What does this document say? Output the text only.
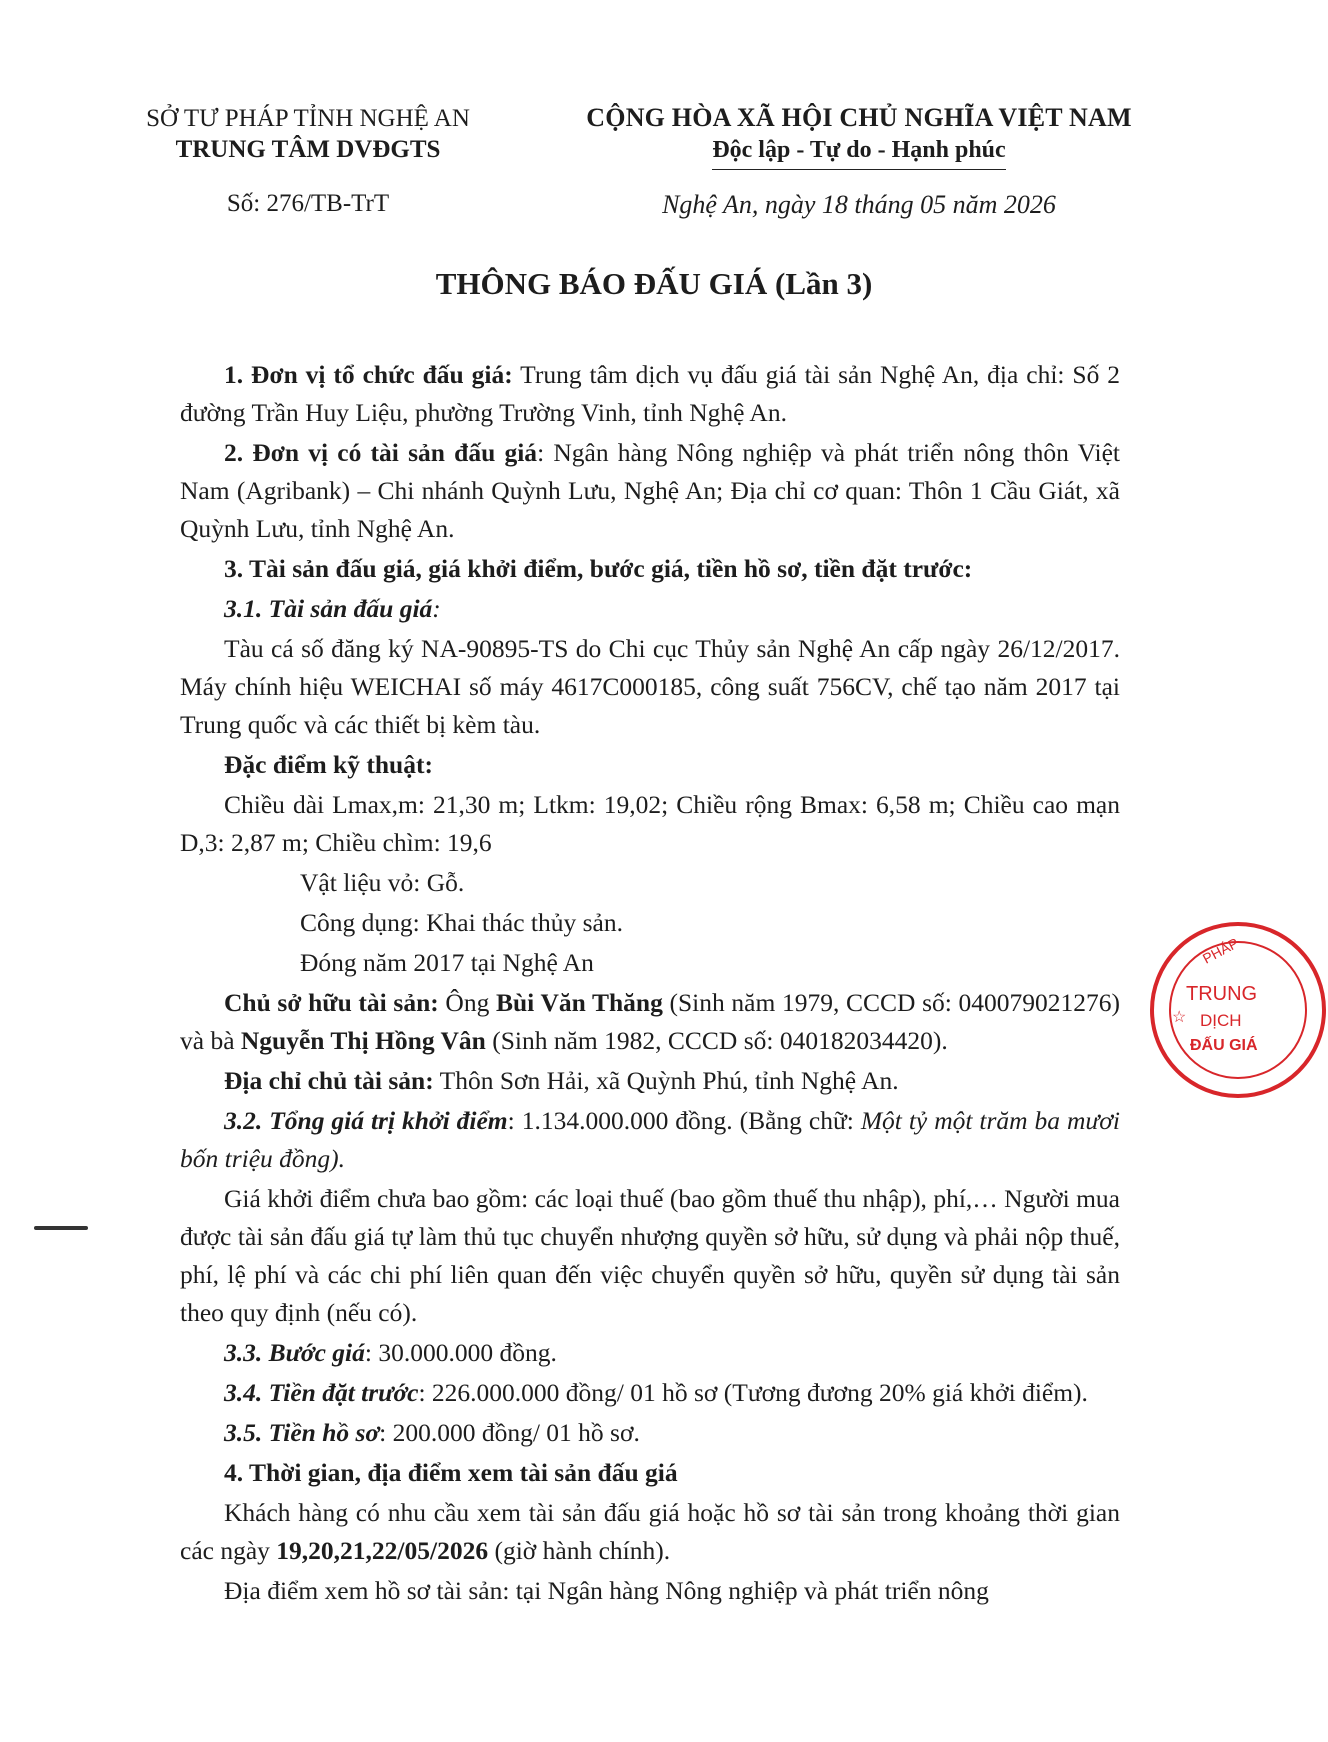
SỞ TƯ PHÁP TỈNH NGHỆ AN
TRUNG TÂM DVĐGTS
CỘNG HÒA XÃ HỘI CHỦ NGHĨA VIỆT NAM
Độc lập - Tự do - Hạnh phúc
Số: 276/TB-TrT	Nghệ An, ngày 18 tháng 05 năm 2026
THÔNG BÁO ĐẤU GIÁ (Lần 3)

1. Đơn vị tổ chức đấu giá: Trung tâm dịch vụ đấu giá tài sản Nghệ An, địa chỉ: Số 2 đường Trần Huy Liệu, phường Trường Vinh, tỉnh Nghệ An.

2. Đơn vị có tài sản đấu giá: Ngân hàng Nông nghiệp và phát triển nông thôn Việt Nam (Agribank) – Chi nhánh Quỳnh Lưu, Nghệ An; Địa chỉ cơ quan: Thôn 1 Cầu Giát, xã Quỳnh Lưu, tỉnh Nghệ An.

3. Tài sản đấu giá, giá khởi điểm, bước giá, tiền hồ sơ, tiền đặt trước:

3.1. Tài sản đấu giá:

Tàu cá số đăng ký NA-90895-TS do Chi cục Thủy sản Nghệ An cấp ngày 26/12/2017. Máy chính hiệu WEICHAI số máy 4617C000185, công suất 756CV, chế tạo năm 2017 tại Trung quốc và các thiết bị kèm tàu.

Đặc điểm kỹ thuật:

Chiều dài Lmax,m: 21,30 m; Ltkm: 19,02; Chiều rộng Bmax: 6,58 m; Chiều cao mạn D,3: 2,87 m; Chiều chìm: 19,6

Vật liệu vỏ: Gỗ.

Công dụng: Khai thác thủy sản.

Đóng năm 2017 tại Nghệ An

Chủ sở hữu tài sản: Ông Bùi Văn Thăng (Sinh năm 1979, CCCD số: 040079021276) và bà Nguyễn Thị Hồng Vân (Sinh năm 1982, CCCD số: 040182034420).

Địa chỉ chủ tài sản: Thôn Sơn Hải, xã Quỳnh Phú, tỉnh Nghệ An.

3.2. Tổng giá trị khởi điểm: 1.134.000.000 đồng. (Bằng chữ: Một tỷ một trăm ba mươi bốn triệu đồng).

Giá khởi điểm chưa bao gồm: các loại thuế (bao gồm thuế thu nhập), phí,… Người mua được tài sản đấu giá tự làm thủ tục chuyển nhượng quyền sở hữu, sử dụng và phải nộp thuế, phí, lệ phí và các chi phí liên quan đến việc chuyển quyền sở hữu, quyền sử dụng tài sản theo quy định (nếu có).

3.3. Bước giá: 30.000.000 đồng.

3.4. Tiền đặt trước: 226.000.000 đồng/ 01 hồ sơ (Tương đương 20% giá khởi điểm).

3.5. Tiền hồ sơ: 200.000 đồng/ 01 hồ sơ.

4. Thời gian, địa điểm xem tài sản đấu giá

Khách hàng có nhu cầu xem tài sản đấu giá hoặc hồ sơ tài sản trong khoảng thời gian các ngày 19,20,21,22/05/2026 (giờ hành chính).

Địa điểm xem hồ sơ tài sản: tại Ngân hàng Nông nghiệp và phát triển nông

PHÁP
TRUNG
DỊCH
ĐẤU GIÁ
☆
